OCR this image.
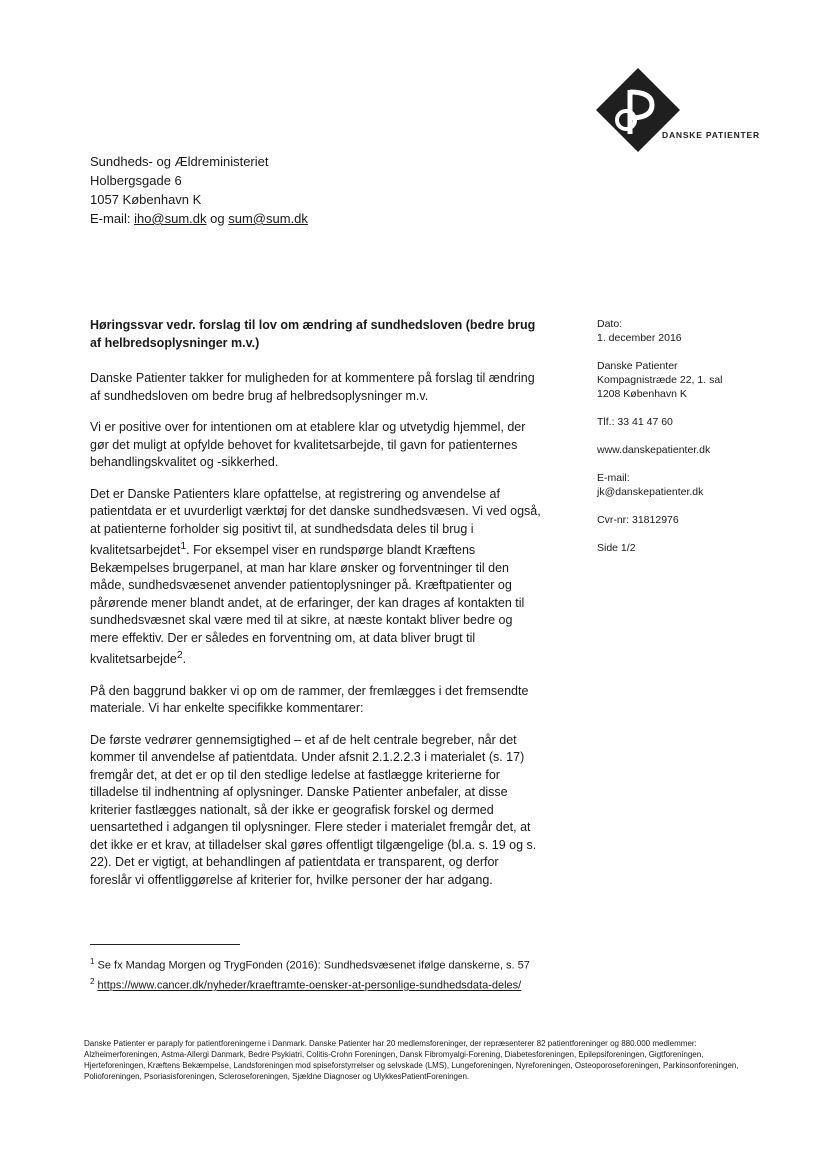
DANSKE PATIENTER
Sundheds- og Ældreministeriet
Holbergsgade 6
1057 København K
E-mail: iho@sum.dk og sum@sum.dk
Høringssvar vedr. forslag til lov om ændring af sundhedsloven (bedre brug af helbredsoplysninger m.v.)

Danske Patienter takker for muligheden for at kommentere på forslag til ændring af sundhedsloven om bedre brug af helbredsoplysninger m.v.

Vi er positive over for intentionen om at etablere klar og utvetydig hjemmel, der gør det muligt at opfylde behovet for kvalitetsarbejde, til gavn for patienternes behandlingskvalitet og -sikkerhed.

Det er Danske Patienters klare opfattelse, at registrering og anvendelse af patientdata er et uvurderligt værktøj for det danske sundhedsvæsen. Vi ved også, at patienterne forholder sig positivt til, at sundhedsdata deles til brug i kvalitetsarbejdet$^1$. For eksempel viser en rundspørge blandt Kræftens Bekæmpelses brugerpanel, at man har klare ønsker og forventninger til den måde, sundhedsvæsenet anvender patientoplysninger på. Kræftpatienter og pårørende mener blandt andet, at de erfaringer, der kan drages af kontakten til sundhedsvæsnet skal være med til at sikre, at næste kontakt bliver bedre og mere effektiv. Der er således en forventning om, at data bliver brugt til kvalitetsarbejde$^2$.

På den baggrund bakker vi op om de rammer, der fremlægges i det fremsendte materiale. Vi har enkelte specifikke kommentarer:

De første vedrører gennemsigtighed – et af de helt centrale begreber, når det kommer til anvendelse af patientdata. Under afsnit 2.1.2.2.3 i materialet (s. 17) fremgår det, at det er op til den stedlige ledelse at fastlægge kriterierne for tilladelse til indhentning af oplysninger. Danske Patienter anbefaler, at disse kriterier fastlægges nationalt, så der ikke er geografisk forskel og dermed uensartethed i adgangen til oplysninger. Flere steder i materialet fremgår det, at det ikke er et krav, at tilladelser skal gøres offentligt tilgængelige (bl.a. s. 19 og s. 22). Det er vigtigt, at behandlingen af patientdata er transparent, og derfor foreslår vi offentliggørelse af kriterier for, hvilke personer der har adgang.

Dato:
1. december 2016
Danske Patienter
Kompagnistræde 22, 1. sal
1208 København K
Tlf.: 33 41 47 60
www.danskepatienter.dk
E-mail:
jk@danskepatienter.dk
Cvr-nr: 31812976
Side 1/2
$^1$ Se fx Mandag Morgen og TrygFonden (2016): Sundhedsvæsenet ifølge danskerne, s. 57
$^2$ https://www.cancer.dk/nyheder/kraeftramte-oensker-at-personlige-sundhedsdata-deles/
Danske Patienter er paraply for patientforeningerne i Danmark. Danske Patienter har 20 medlemsforeninger, der repræsenterer 82 patientforeninger og 880.000 medlemmer: Alzheimerforeningen, Astma-Allergi Danmark, Bedre Psykiatri, Colitis-Crohn Foreningen, Dansk Fibromyalgi-Forening, Diabetesforeningen, Epilepsiforeningen, Gigtforeningen, Hjerteforeningen, Kræftens Bekæmpelse, Landsforeningen mod spiseforstyrrelser og selvskade (LMS), Lungeforeningen, Nyreforeningen, Osteoporoseforeningen, Parkinsonforeningen, Polioforeningen, Psoriasisforeningen, Scleroseforeningen, Sjældne Diagnoser og UlykkesPatientForeningen.
